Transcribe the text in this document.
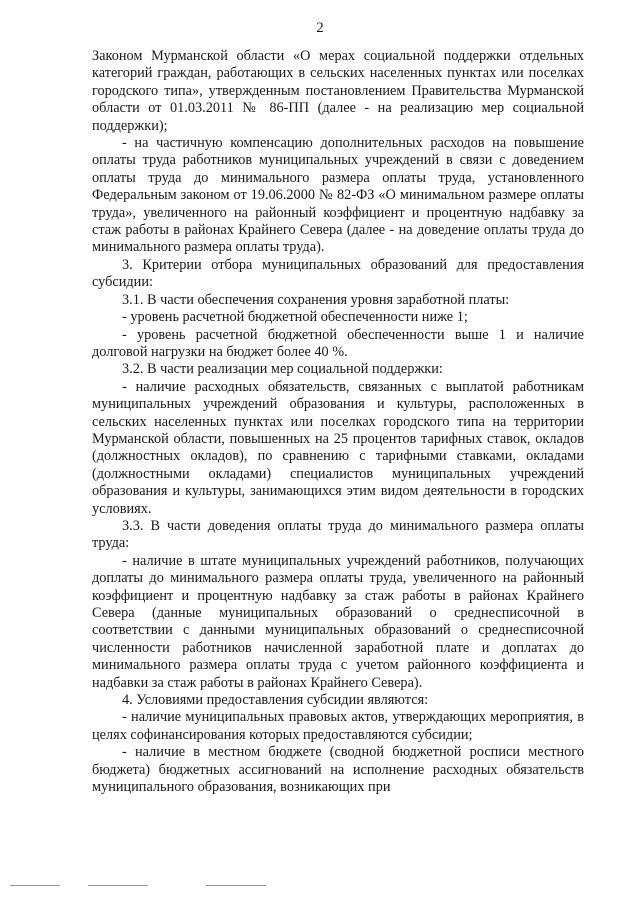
2

Законом Мурманской области «О мерах социальной поддержки отдельных категорий граждан, работающих в сельских населенных пунктах или поселках городского типа», утвержденным постановлением Правительства Мурманской области от 01.03.2011 № 86-ПП (далее - на реализацию мер социальной поддержки);

- на частичную компенсацию дополнительных расходов на повышение оплаты труда работников муниципальных учреждений в связи с доведением оплаты труда до минимального размера оплаты труда, установленного Федеральным законом от 19.06.2000 № 82-ФЗ «О минимальном размере оплаты труда», увеличенного на районный коэффициент и процентную надбавку за стаж работы в районах Крайнего Севера (далее - на доведение оплаты труда до минимального размера оплаты труда).

3. Критерии отбора муниципальных образований для предоставления субсидии:

3.1. В части обеспечения сохранения уровня заработной платы:

- уровень расчетной бюджетной обеспеченности ниже 1;

- уровень расчетной бюджетной обеспеченности выше 1 и наличие долговой нагрузки на бюджет более 40 %.

3.2. В части реализации мер социальной поддержки:

- наличие расходных обязательств, связанных с выплатой работникам муниципальных учреждений образования и культуры, расположенных в сельских населенных пунктах или поселках городского типа на территории Мурманской области, повышенных на 25 процентов тарифных ставок, окладов (должностных окладов), по сравнению с тарифными ставками, окладами (должностными окладами) специалистов муниципальных учреждений образования и культуры, занимающихся этим видом деятельности в городских условиях.

3.3. В части доведения оплаты труда до минимального размера оплаты труда:

- наличие в штате муниципальных учреждений работников, получающих доплаты до минимального размера оплаты труда, увеличенного на районный коэффициент и процентную надбавку за стаж работы в районах Крайнего Севера (данные муниципальных образований о среднесписочной в соответствии с данными муниципальных образований о среднесписочной численности работников начисленной заработной плате и доплатах до минимального размера оплаты труда с учетом районного коэффициента и надбавки за стаж работы в районах Крайнего Севера).

4. Условиями предоставления субсидии являются:

- наличие муниципальных правовых актов, утверждающих мероприятия, в целях софинансирования которых предоставляются субсидии;

- наличие в местном бюджете (сводной бюджетной росписи местного бюджета) бюджетных ассигнований на исполнение расходных обязательств муниципального образования, возникающих при
